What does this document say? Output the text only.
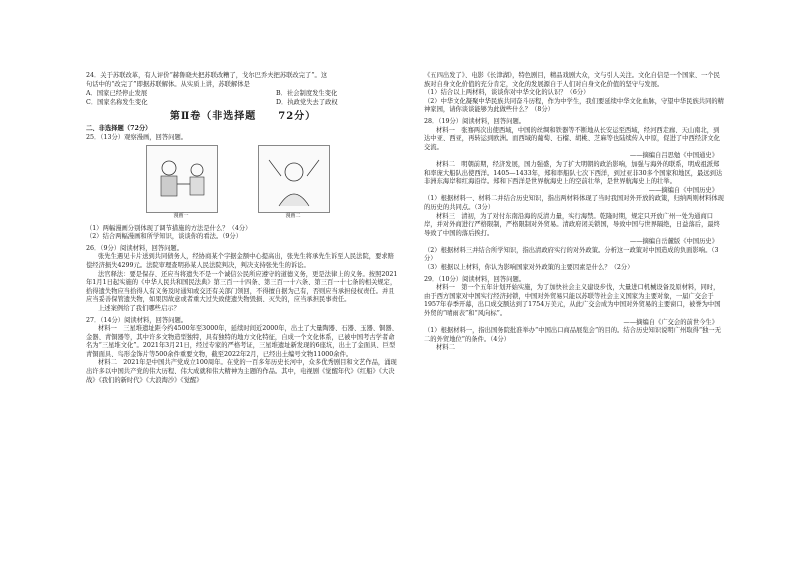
24．关于苏联改革，有人评价“赫鲁晓夫把苏联改糟了，戈尔巴乔夫把苏联改完了”。这
句话中的“改完了”即据苏联解体。从实质上讲，苏联解体是

A．国家已经停止发展	B．社会制度发生变化
C．国家名称发生变化	D．执政党失去了政权
第Ⅱ卷（非选择题　　72分）

二、非选择题（72分）

25．（13分）观察漫画，回答问题。

漫画一	漫画二

（1）两幅漫画分别体现了调节措施的方法是什么？（4分）

（2）结合两幅漫画和所学知识，谈谈你的看法。（9分）

26．（9分）阅读材料，回答问题。

张先生遇见卡片送到共同债务人，经协商某个字据金额中心提高出，张先生将承先生诉至人民法院，要求赔偿经济损失4299元。法院审理查明孙某人民法院判决，判决支持张先生的诉讼。

法官释法：要是保存、还应当将遗失不是一个诚信公民所应遵守的道德义务，更是法律上的义务。按照2021年1月1日起实施的《中华人民共和国民法典》第三百一十四条、第三百一十六条、第三百一十七条的相关规定，拾得遗失物应当拾得人有义务及时通知或交还有关部门领回，不得擅自据为己有，否则应当承担侵权责任。并且应当妥善保管遗失物，如果因故意或者重大过失致使遗失物毁损、灭失的，应当承担民事责任。

上述案例给了我们哪些启示？

27．（14分）阅读材料，回答问题。

材料一　三星堆遗址距今约4500年至3000年，延续时间近2000年，出土了大量陶器、石器、玉器、铜器、金器、青铜器等，其中许多文物造型独特，具有独特的地方文化特征，自成一个文化体系，已被中国考古学者命名为“三星堆文化”。2021年3月21日，经过专家的严格考证，三星堆遗址新发现的6座坑，出土了金面具、巨型青铜面具、鸟形金饰片等500余件重要文物，截至2022年2月，已经出土编号文物11000余件。

材料二　2021年是中国共产党成立100周年。在党的一百多年历史长河中，众多优秀剧目和文艺作品，涌现出许多以中国共产党的伟大历程、伟大成就和伟大精神为主题的作品。其中，电视剧《觉醒年代》《红船》《大决战》《我们的新时代》《大浪淘沙》《觉醒》

《五四出发了》、电影《长津湖》，特色剧目，精品戏剧大众，文与引人关注。文化自信是一个国家、一个民族对自身文化价值的充分肯定，文化的发展源自于人们对自身文化价值的坚守与发展。

（1）结合以上两材料，谈谈你对中华文化的认识？（6分）

（2）中华文化凝聚中华民族共同奋斗历程，作为中学生，我们要延续中华文化血脉，守望中华民族共同的精神家园，请你谈谈能够为此做些什么？（8分）

28．（19分）阅读材料，回答问题。

材料一　张骞两次出使西域，中国的丝绸和铁器等不断地从长安运至西域，经河西走廊、天山南北，到达中亚、西亚，再转运到欧洲。而西域的葡萄、石榴、胡桃、芝麻等也陆续传入中原，促进了中西经济文化交流。

——摘编自吕思勉《中国通史》

材料二　明朝前期，经济发展，国力强盛，为了扩大明朝的政治影响，加强与海外的联系，明成祖派郑和率庞大船队出使西洋。1405—1433年，郑和率船队七次下西洋，到过亚非30多个国家和地区，最远到达非洲东海岸和红海沿岸。郑和下西洋是世界航海史上的空前壮举，是世界航海史上的壮举。

——摘编自《中国历史》

（1）根据材料一、材料二并结合历史知识，指出两材料体现了当时我国对外开放的政策，归纳两则材料体现的历史的共同点。（3分）

材料三　清初，为了对付东南沿海的反清力量，实行海禁。乾隆时期，规定只开放广州一处为通商口岸，并对外商进行严格限制，严格限制对外贸易。清政府闭关锁国，导致中国与世界隔绝，日益落后，最终导致了中国的落后挨打。

——摘编自岳麓版《中国历史》

（2）根据材料三并结合所学知识，指出清政府实行的对外政策。分析这一政策对中国造成的负面影响。（3分）

（3）根据以上材料，你认为影响国家对外政策的主要因素是什么？（2分）

29．（10分）阅读材料，回答问题。

材料一　第一个五年计划开始实施，为了加快社会主义建设步伐，大量进口机械设备及原材料，同时，由于西方国家对中国实行经济封锁，中国对外贸易只能以苏联等社会主义国家为主要对象，一届广交会于1957年春季开幕，出口成交额达到了1754万美元，从此广交会成为中国对外贸易的主要窗口，被誉为中国外贸的“晴雨表”和“风向标”。

——摘编自《广交会的前世今生》

（1）根据材料一，指出国务院批准举办“中国出口商品展览会”的目的。结合历史知识说明广州取得“独一无二的外贸地位”的条件。（4分）

材料二
